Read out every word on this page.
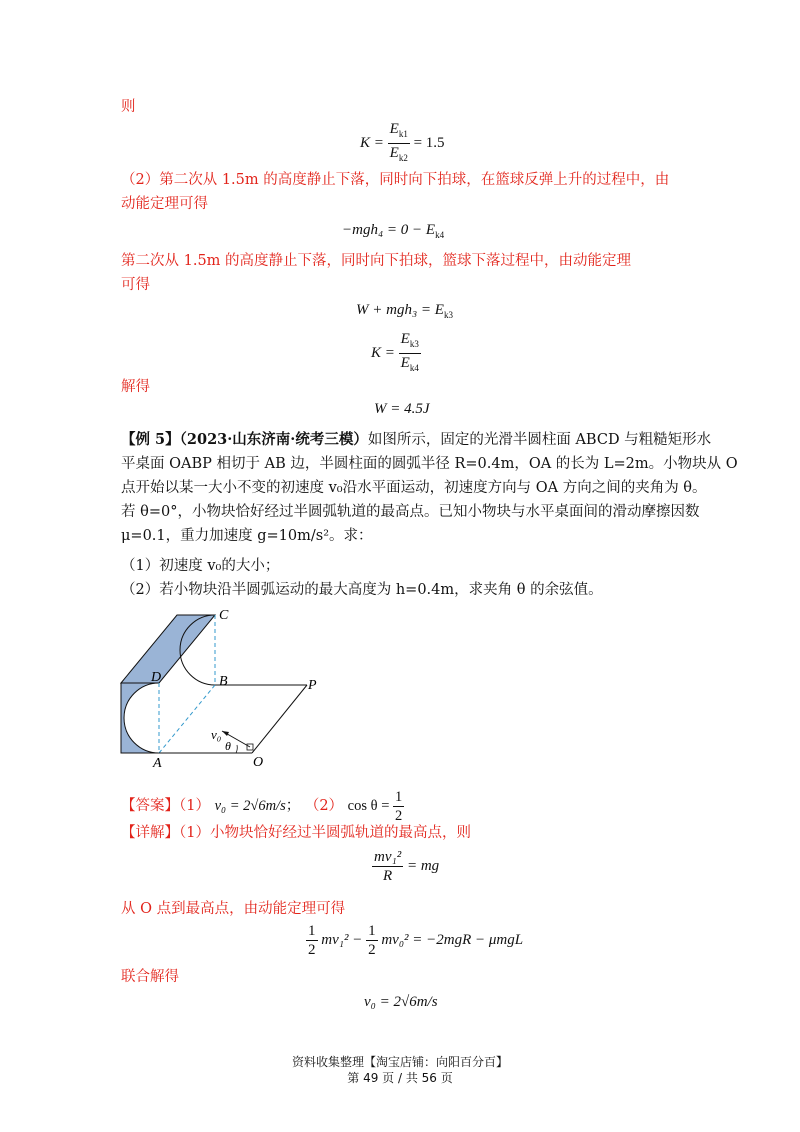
则
$K = \frac{E_{k1}}{E_{k2}} = 1.5$
（2）第二次从 1.5m 的高度静止下落，同时向下拍球，在篮球反弹上升的过程中，由
动能定理可得
$-mgh_4 = 0 - E_{k4}$
第二次从 1.5m 的高度静止下落，同时向下拍球，篮球下落过程中，由动能定理
可得
$W + mgh_3 = E_{k3}$
$K = \frac{E_{k3}}{E_{k4}}$
解得
W = 4.5J
【例 5】（2023·山东济南·统考三模）如图所示，固定的光滑半圆柱面 ABCD 与粗糙矩形水
平桌面 OABP 相切于 AB 边，半圆柱面的圆弧半径 R=0.4m，OA 的长为 L=2m。小物块从 O
点开始以某一大小不变的初速度 v₀沿水平面运动，初速度方向与 OA 方向之间的夹角为 θ。
若 θ=0°，小物块恰好经过半圆弧轨道的最高点。已知小物块与水平桌面间的滑动摩擦因数
μ=0.1，重力加速度 g=10m/s²。求：
（1）初速度 v₀的大小；
（2）若小物块沿半圆弧运动的最大高度为 h=0.4m，求夹角 θ 的余弦值。
C
D	B	P
A	O
v₀
θ
【答案】（1） v₀ = 2√6m/s； （2） $\cos \theta = \frac{1}{2}$
【详解】（1）小物块恰好经过半圆弧轨道的最高点，则
$\frac{\text{mv₁²}}{R}$ = mg
从 O 点到最高点，由动能定理可得
$\frac{1}{2} mv_1^2 - \frac{1}{2} mv_0^2 = -2mgR - \mu mgL$
联合解得
v₀ = 2√6m/s
资料收集整理【淘宝店铺：向阳百分百】
第 49 页 / 共 56 页
